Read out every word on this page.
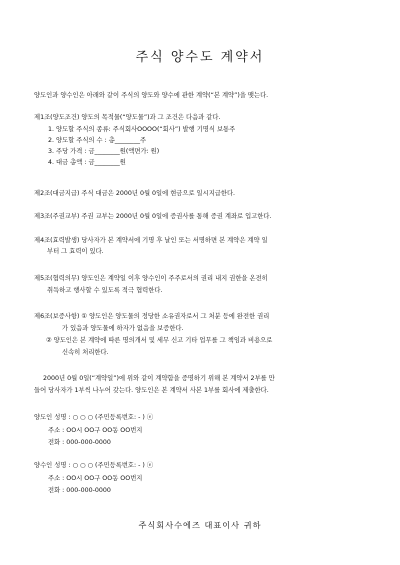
주식 양수도 계약서
양도인과 양수인은 아래와 같이 주식의 양도와 양수에 관한 계약(“본 계약”)을 맺는다.
제1조(양도조건) 양도의 목적물(“양도물”)과 그 조건은 다음과 같다.
1. 양도할 주식의 종류: 주식회사OOOO(“회사”) 발행 기명식 보통주
2. 양도할 주식의 수 : 총________주
3. 주당 가격 : 금________원(액면가: 원)
4. 대금 총액 : 금________원
제2조(대금지급) 주식 대금은 2000년 0월 0일에 현금으로 일시지급한다.
제3조(주권교부) 주권 교부는 2000년 0월 0일에 증권사를 통해 증권 계좌로 입고한다.
제4조(효력발생) 당사자가 본 계약서에 기명 후 날인 또는 서명하면 본 계약은 계약 일
부터 그 효력이 있다.
제5조(협력의무) 양도인은 계약일 이후 양수인이 주주로서의 권리 내지 권한을 온전히
취득하고 행사할 수 있도록 적극 협력한다.
제6조(보증사항) ① 양도인은 양도물의 정당한 소유권자로서 그 처분 등에 완전한 권리
가 있음과 양도물에 하자가 없음을 보증한다.
② 양도인은 본 계약에 따른 명의개서 및 세무 신고 기타 업무를 그 책임과 비용으로
신속히 처리한다.
2000년 0월 0일(“계약일”)에 위와 같이 계약함을 증명하기 위해 본 계약서 2부를 만
들어 당사자가 1부씩 나누어 갖는다. 양도인은 본 계약서 사본 1부를 회사에 제출한다.
양도인 성명 : ○ ○ ○ (주민등록번호: - ) ⓔ
주소 : OO시 OO구 OO동 OO번지
전화 : 000-000-0000
양수인 성명 : ○ ○ ○ (주민등록번호: - ) ⓔ
주소 : OO시 OO구 OO동 OO번지
전화 : 000-000-0000
주식회사수에즈 대표이사 귀하
